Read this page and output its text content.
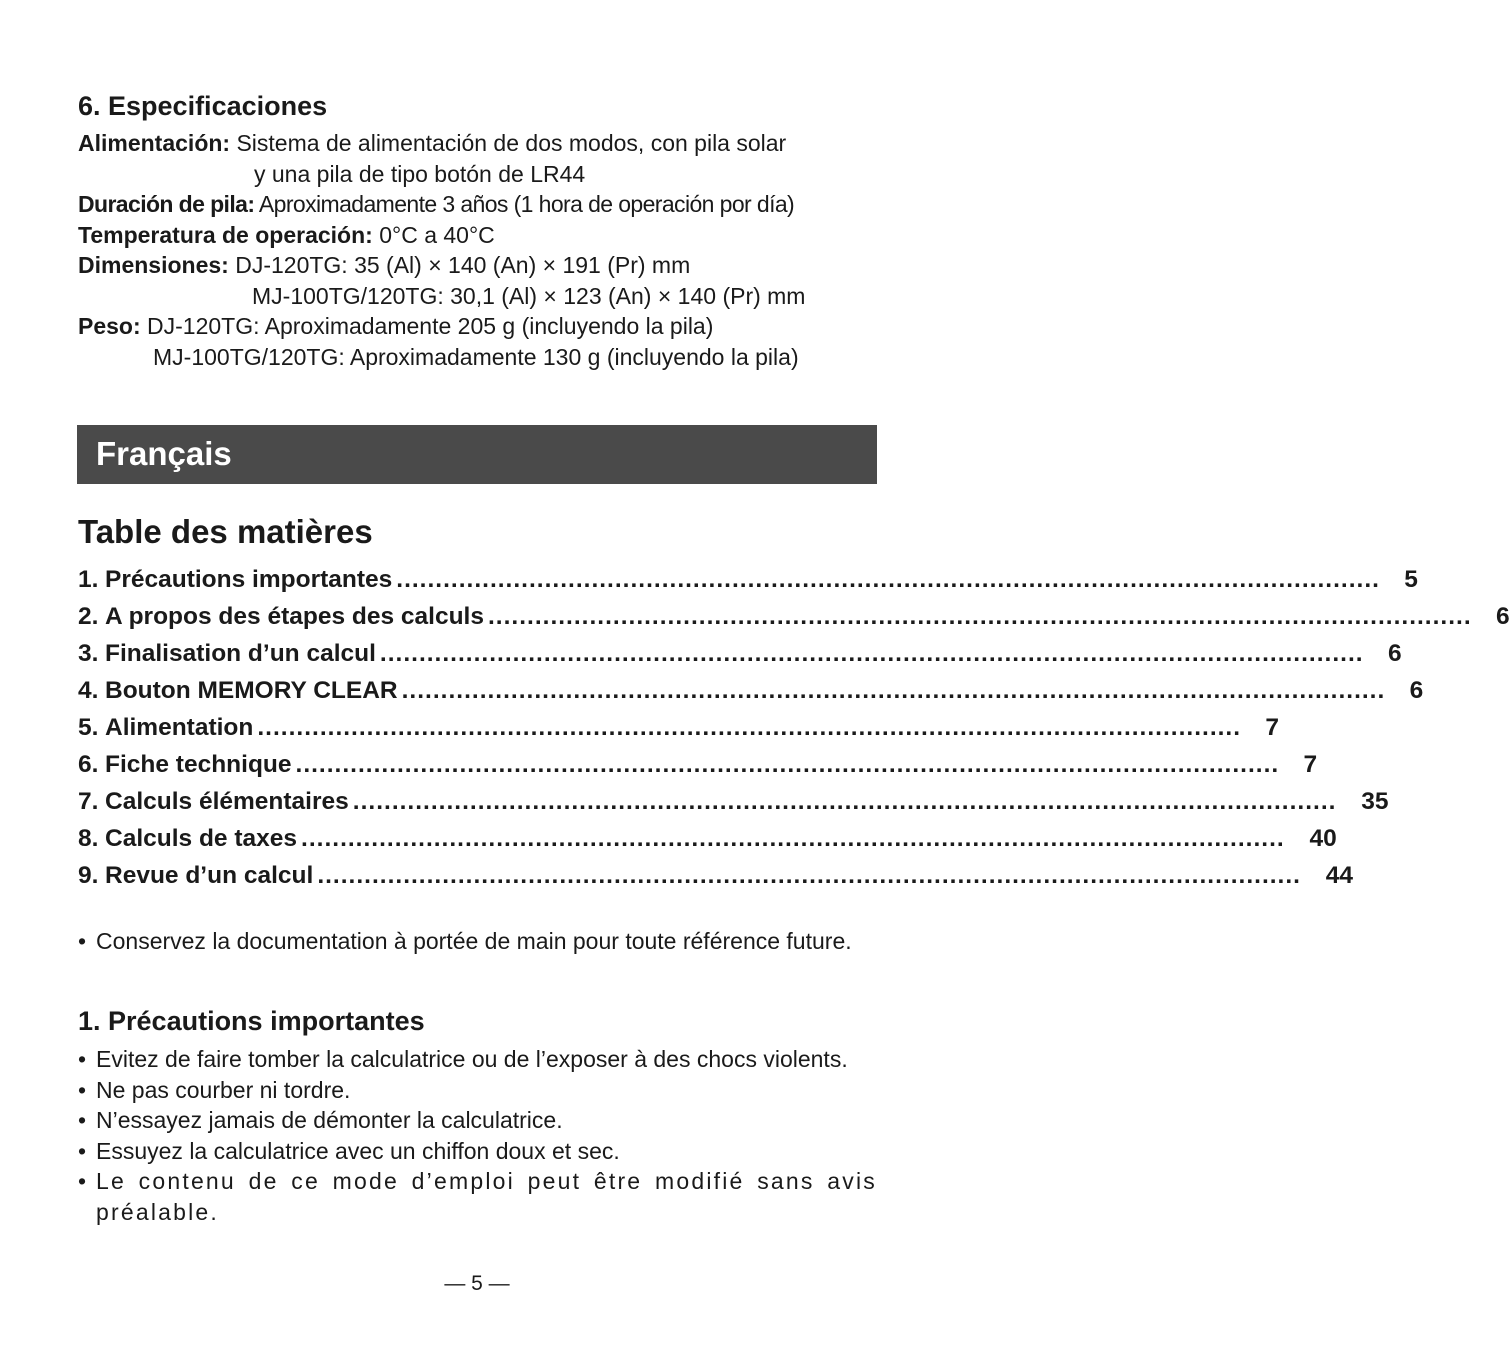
6. Especificaciones
Alimentación: Sistema de alimentación de dos modos, con pila solar
y una pila de tipo botón de LR44
Duración de pila: Aproximadamente 3 años (1 hora de operación por día)
Temperatura de operación: 0°C a 40°C
Dimensiones: DJ-120TG: 35 (Al) × 140 (An) × 191 (Pr) mm
MJ-100TG/120TG: 30,1 (Al) × 123 (An) × 140 (Pr) mm
Peso: DJ-120TG: Aproximadamente 205 g (incluyendo la pila)
MJ-100TG/120TG: Aproximadamente 130 g (incluyendo la pila)
Français
Table des matières
1. Précautions importantes .............................................................................................................................. 5
2. A propos des étapes des calculs .............................................................................................................................. 6
3. Finalisation d’un calcul .............................................................................................................................. 6
4. Bouton MEMORY CLEAR .............................................................................................................................. 6
5. Alimentation .............................................................................................................................. 7
6. Fiche technique .............................................................................................................................. 7
7. Calculs élémentaires ..............................................................................................................................	35
8. Calculs de taxes ..............................................................................................................................	40
9. Revue d’un calcul ..............................................................................................................................	44
• Conservez la documentation à portée de main pour toute référence future.
1. Précautions importantes
• Evitez de faire tomber la calculatrice ou de l’exposer à des chocs violents.
• Ne pas courber ni tordre.
• N’essayez jamais de démonter la calculatrice.
• Essuyez la calculatrice avec un chiffon doux et sec.
• Le contenu de ce mode d’emploi peut être modifié sans avis préalable.
— 5 —
